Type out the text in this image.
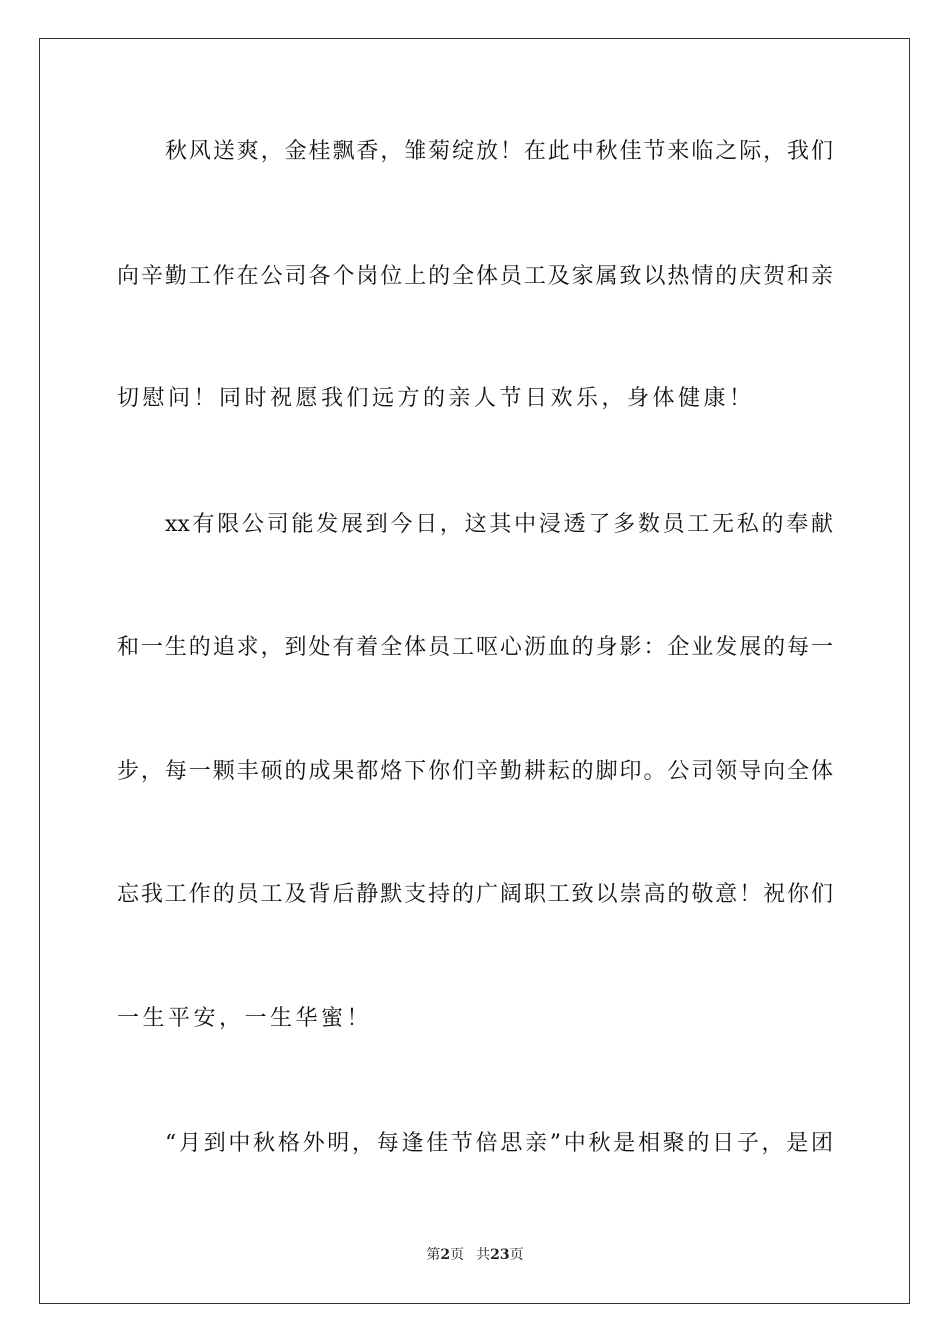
秋风送爽，金桂飘香，雏菊绽放！在此中秋佳节来临之际，我们
向辛勤工作在公司各个岗位上的全体员工及家属致以热情的庆贺和亲
切慰问！同时祝愿我们远方的亲人节日欢乐，身体健康！
xx有限公司能发展到今日，这其中浸透了多数员工无私的奉献
和一生的追求，到处有着全体员工呕心沥血的身影：企业发展的每一
步，每一颗丰硕的成果都烙下你们辛勤耕耘的脚印。公司领导向全体
忘我工作的员工及背后静默支持的广阔职工致以崇高的敬意！祝你们
一生平安，一生华蜜！
“月到中秋格外明，每逢佳节倍思亲”中秋是相聚的日子，是团
第2页 共23页
